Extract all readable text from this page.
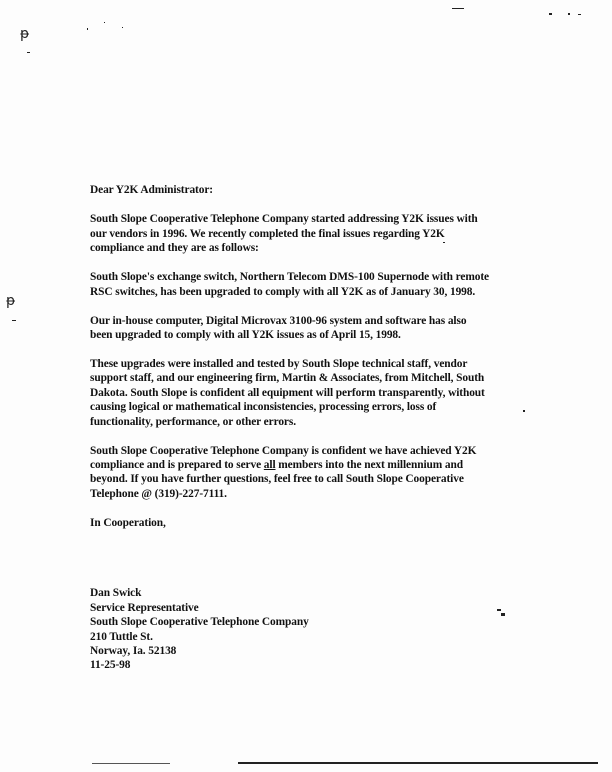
ᵽ
ᵽ

Dear Y2K Administrator:

South Slope Cooperative Telephone Company started addressing Y2K issues with
our vendors in 1996. We recently completed the final issues regarding Y2K
compliance and they are as follows:

South Slope's exchange switch, Northern Telecom DMS-100 Supernode with remote
RSC switches, has been upgraded to comply with all Y2K as of January 30, 1998.

Our in-house computer, Digital Microvax 3100-96 system and software has also
been upgraded to comply with all Y2K issues as of April 15, 1998.

These upgrades were installed and tested by South Slope technical staff, vendor
support staff, and our engineering firm, Martin & Associates, from Mitchell, South
Dakota. South Slope is confident all equipment will perform transparently, without
causing logical or mathematical inconsistencies, processing errors, loss of
functionality, performance, or other errors.

South Slope Cooperative Telephone Company is confident we have achieved Y2K
compliance and is prepared to serve all members into the next millennium and
beyond. If you have further questions, feel free to call South Slope Cooperative
Telephone @ (319)-227-7111.

In Cooperation,

Dan Swick

Service Representative

South Slope Cooperative Telephone Company

210 Tuttle St.

Norway, Ia. 52138

11-25-98
